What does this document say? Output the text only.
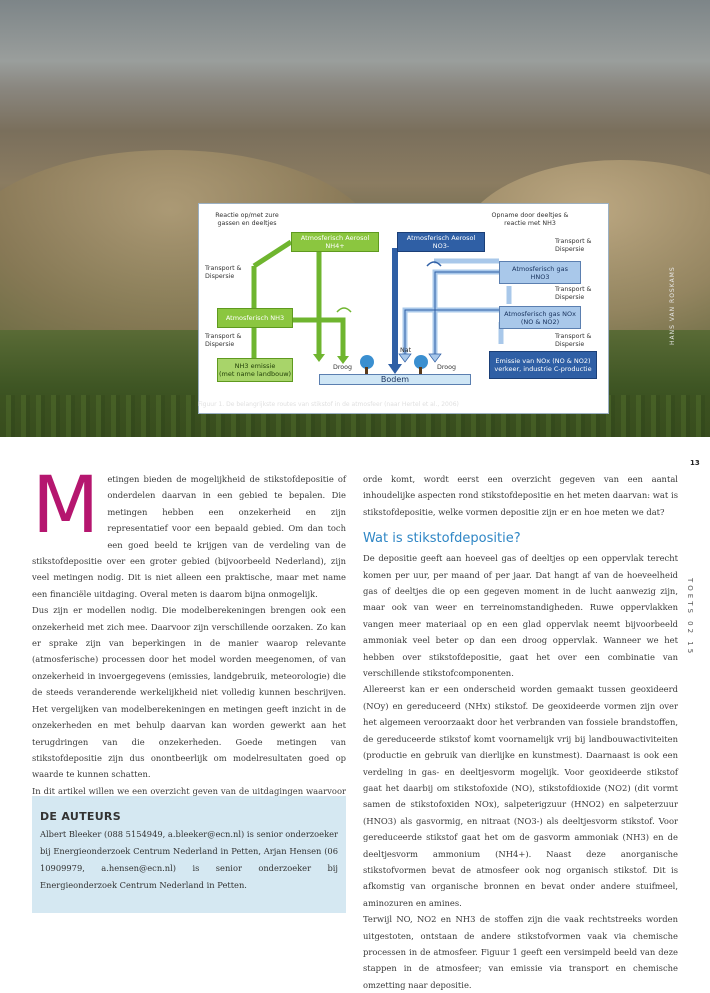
HANS VAN ROSKAMS
Atmosferisch Aerosol
NH4+
Atmosferisch Aerosol
NO3-
Atmosferisch gas
HNO3
Atmosferisch gas NOx
(NO & NO2)
Atmosferisch NH3
NH3 emissie
(met name landbouw)
Emissie van NOx (NO & NO2)
verkeer, industrie C-productie
Bodem
Reactie op/met zure
gassen en deeltjes
Opname door deeltjes &
reactie met NH3
Transport &
Dispersie
Transport &
Dispersie
Transport &
Dispersie
Transport &
Dispersie
Transport &
Dispersie
Nat
Droog	Droog
Figuur 1. De belangrijkste routes van stikstof in de atmosfeer (naar Hertel et al., 2006)
13
TOETS 02 15
M etingen bieden de mogelijkheid de stikstofdepositie of onderdelen daarvan in een gebied te bepalen. Die metingen hebben een onzekerheid en zijn representatief voor een bepaald gebied. Om dan toch een goed beeld te krijgen van de verdeling van de stikstofdepositie over een groter gebied (bijvoorbeeld Nederland), zijn veel metingen nodig. Dit is niet alleen een praktische, maar met name een financiële uitdaging. Overal meten is daarom bijna onmogelijk.

Dus zijn er modellen nodig. Die modelberekeningen brengen ook een onzekerheid met zich mee. Daarvoor zijn verschillende oorzaken. Zo kan er sprake zijn van beperkingen in de manier waarop relevante (atmosferische) processen door het model worden meegenomen, of van onzekerheid in invoergegevens (emissies, landgebruik, meteorologie) die de steeds veranderende werkelijkheid niet volledig kunnen beschrijven. Het vergelijken van modelberekeningen en metingen geeft inzicht in de onzekerheden en met behulp daarvan kan worden gewerkt aan het terugdringen van die onzekerheden. Goede metingen van stikstofdepositie zijn dus onontbeerlijk om modelresultaten goed op waarde te kunnen schatten.

In dit artikel willen we een overzicht geven van de uitdagingen waarvoor

DE AUTEURS

Albert Bleeker (088 5154949, a.bleeker@ecn.nl) is senior onderzoeker bij Energieonderzoek Centrum Nederland in Petten, Arjan Hensen (06 10909979, a.hensen@ecn.nl) is senior onderzoeker bij Energieonderzoek Centrum Nederland in Petten.

orde komt, wordt eerst een overzicht gegeven van een aantal inhoudelijke aspecten rond stikstofdepositie en het meten daarvan: wat is stikstofdepositie, welke vormen depositie zijn er en hoe meten we dat?

Wat is stikstofdepositie?

De depositie geeft aan hoeveel gas of deeltjes op een oppervlak terecht komen per uur, per maand of per jaar. Dat hangt af van de hoeveelheid gas of deeltjes die op een gegeven moment in de lucht aanwezig zijn, maar ook van weer en terreinomstandigheden. Ruwe oppervlakken vangen meer materiaal op en een glad oppervlak neemt bijvoorbeeld ammoniak veel beter op dan een droog oppervlak. Wanneer we het hebben over stikstofdepositie, gaat het over een combinatie van verschillende stikstofcomponenten.

Allereerst kan er een onderscheid worden gemaakt tussen geoxideerd (NOy) en gereduceerd (NHx) stikstof. De geoxideerde vormen zijn over het algemeen veroorzaakt door het verbranden van fossiele brandstoffen, de gereduceerde stikstof komt voornamelijk vrij bij landbouwactiviteiten (productie en gebruik van dierlijke en kunstmest). Daarnaast is ook een verdeling in gas- en deeltjesvorm mogelijk. Voor geoxideerde stikstof gaat het daarbij om stikstofoxide (NO), stikstofdioxide (NO2) (dit vormt samen de stikstofoxiden NOx), salpeterigzuur (HNO2) en salpeterzuur (HNO3) als gasvormig, en nitraat (NO3-) als deeltjesvorm stikstof. Voor gereduceerde stikstof gaat het om de gasvorm ammoniak (NH3) en de deeltjesvorm ammonium (NH4+). Naast deze anorganische stikstofvormen bevat de atmosfeer ook nog organisch stikstof. Dit is afkomstig van organische bronnen en bevat onder andere stuifmeel, aminozuren en amines.

Terwijl NO, NO2 en NH3 de stoffen zijn die vaak rechtstreeks worden uitgestoten, ontstaan de andere stikstofvormen vaak via chemische processen in de atmosfeer. Figuur 1 geeft een versimpeld beeld van deze stappen in de atmosfeer; van emissie via transport en chemische omzetting naar depositie.
